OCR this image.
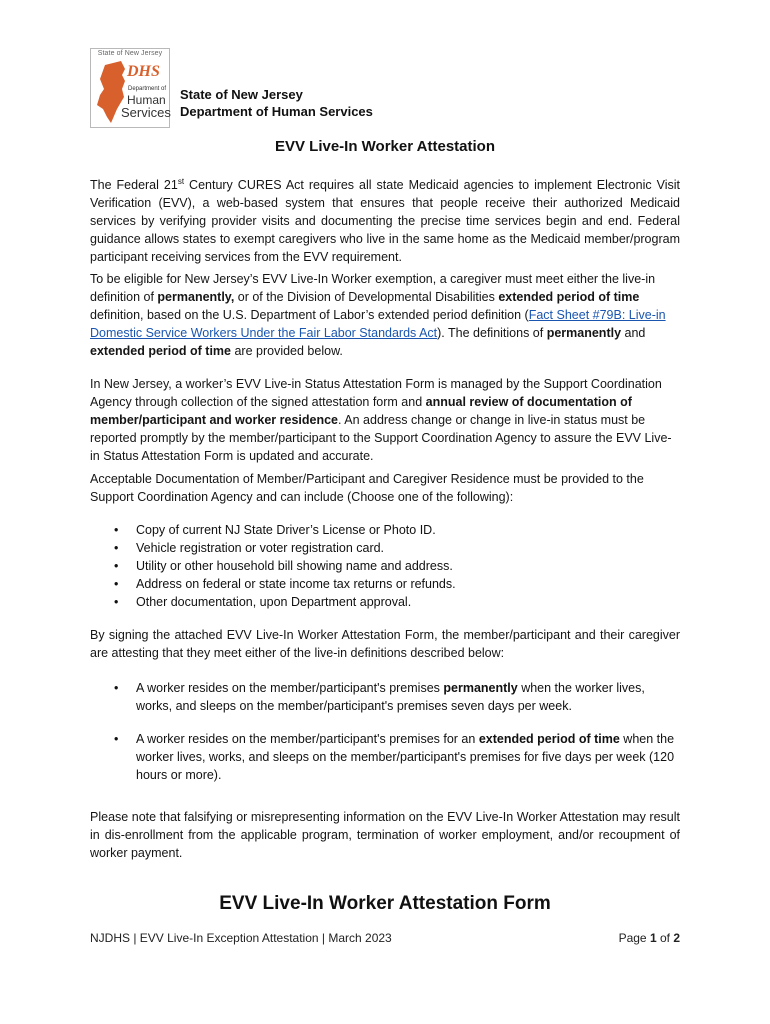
State of New Jersey
DHS
Department of
Human
Services
State of New Jersey
Department of Human Services
EVV Live-In Worker Attestation
The Federal 21st Century CURES Act requires all state Medicaid agencies to implement Electronic Visit Verification (EVV), a web-based system that ensures that people receive their authorized Medicaid services by verifying provider visits and documenting the precise time services begin and end. Federal guidance allows states to exempt caregivers who live in the same home as the Medicaid member/program participant receiving services from the EVV requirement.
To be eligible for New Jersey’s EVV Live-In Worker exemption, a caregiver must meet either the live-in definition of permanently, or of the Division of Developmental Disabilities extended period of time definition, based on the U.S. Department of Labor’s extended period definition (Fact Sheet #79B: Live-in Domestic Service Workers Under the Fair Labor Standards Act). The definitions of permanently and extended period of time are provided below.
In New Jersey, a worker’s EVV Live-in Status Attestation Form is managed by the Support Coordination Agency through collection of the signed attestation form and annual review of documentation of member/participant and worker residence. An address change or change in live-in status must be reported promptly by the member/participant to the Support Coordination Agency to assure the EVV Live-in Status Attestation Form is updated and accurate.
Acceptable Documentation of Member/Participant and Caregiver Residence must be provided to the Support Coordination Agency and can include (Choose one of the following):
• Copy of current NJ State Driver’s License or Photo ID.
• Vehicle registration or voter registration card.
• Utility or other household bill showing name and address.
• Address on federal or state income tax returns or refunds.
• Other documentation, upon Department approval.
By signing the attached EVV Live-In Worker Attestation Form, the member/participant and their caregiver are attesting that they meet either of the live-in definitions described below:
• A worker resides on the member/participant's premises permanently when the worker lives, works, and sleeps on the member/participant's premises seven days per week.
• A worker resides on the member/participant's premises for an extended period of time when the worker lives, works, and sleeps on the member/participant's premises for five days per week (120 hours or more).
Please note that falsifying or misrepresenting information on the EVV Live-In Worker Attestation may result in dis-enrollment from the applicable program, termination of worker employment, and/or recoupment of worker payment.
EVV Live-In Worker Attestation Form
NJDHS | EVV Live-In Exception Attestation | March 2023	Page 1 of 2
